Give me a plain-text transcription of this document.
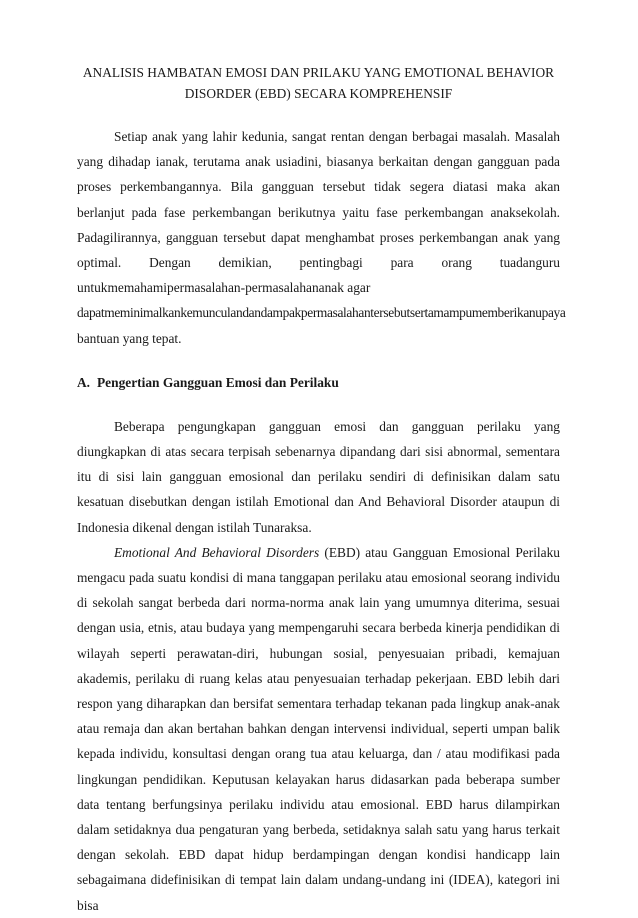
ANALISIS HAMBATAN EMOSI DAN PRILAKU YANG EMOTIONAL BEHAVIOR
DISORDER (EBD) SECARA KOMPREHENSIF

Setiap anak yang lahir kedunia, sangat rentan dengan berbagai masalah. Masalah yang dihadap ianak, terutama anak usiadini, biasanya berkaitan dengan gangguan pada proses perkembangannya. Bila gangguan tersebut tidak segera diatasi maka akan berlanjut pada fase perkembangan berikutnya yaitu fase perkembangan anaksekolah. Padagilirannya, gangguan tersebut dapat menghambat proses perkembangan anak yang optimal. Dengan demikian, pentingbagi para orang tuadanguru untukmemahamipermasalahan-permasalahananak agar

dapatmeminimalkankemunculandandampakpermasalahantersebutsertamampumemberikanupaya

bantuan yang tepat.

A. Pengertian Gangguan Emosi dan Perilaku

Beberapa pengungkapan gangguan emosi dan gangguan perilaku yang diungkapkan di atas secara terpisah sebenarnya dipandang dari sisi abnormal, sementara itu di sisi lain gangguan emosional dan perilaku sendiri di definisikan dalam satu kesatuan disebutkan dengan istilah Emotional dan And Behavioral Disorder ataupun di Indonesia dikenal dengan istilah Tunaraksa.

Emotional And Behavioral Disorders (EBD) atau Gangguan Emosional Perilaku mengacu pada suatu kondisi di mana tanggapan perilaku atau emosional seorang individu di sekolah sangat berbeda dari norma-norma anak lain yang umumnya diterima, sesuai dengan usia, etnis, atau budaya yang mempengaruhi secara berbeda kinerja pendidikan di wilayah seperti perawatan-diri, hubungan sosial, penyesuaian pribadi, kemajuan akademis, perilaku di ruang kelas atau penyesuaian terhadap pekerjaan. EBD lebih dari respon yang diharapkan dan bersifat sementara terhadap tekanan pada lingkup anak-anak atau remaja dan akan bertahan bahkan dengan intervensi individual, seperti umpan balik kepada individu, konsultasi dengan orang tua atau keluarga, dan / atau modifikasi pada lingkungan pendidikan. Keputusan kelayakan harus didasarkan pada beberapa sumber data tentang berfungsinya perilaku individu atau emosional. EBD harus dilampirkan dalam setidaknya dua pengaturan yang berbeda, setidaknya salah satu yang harus terkait dengan sekolah. EBD dapat hidup berdampingan dengan kondisi handicapp lain sebagaimana didefinisikan di tempat lain dalam undang-undang ini (IDEA), kategori ini bisa
